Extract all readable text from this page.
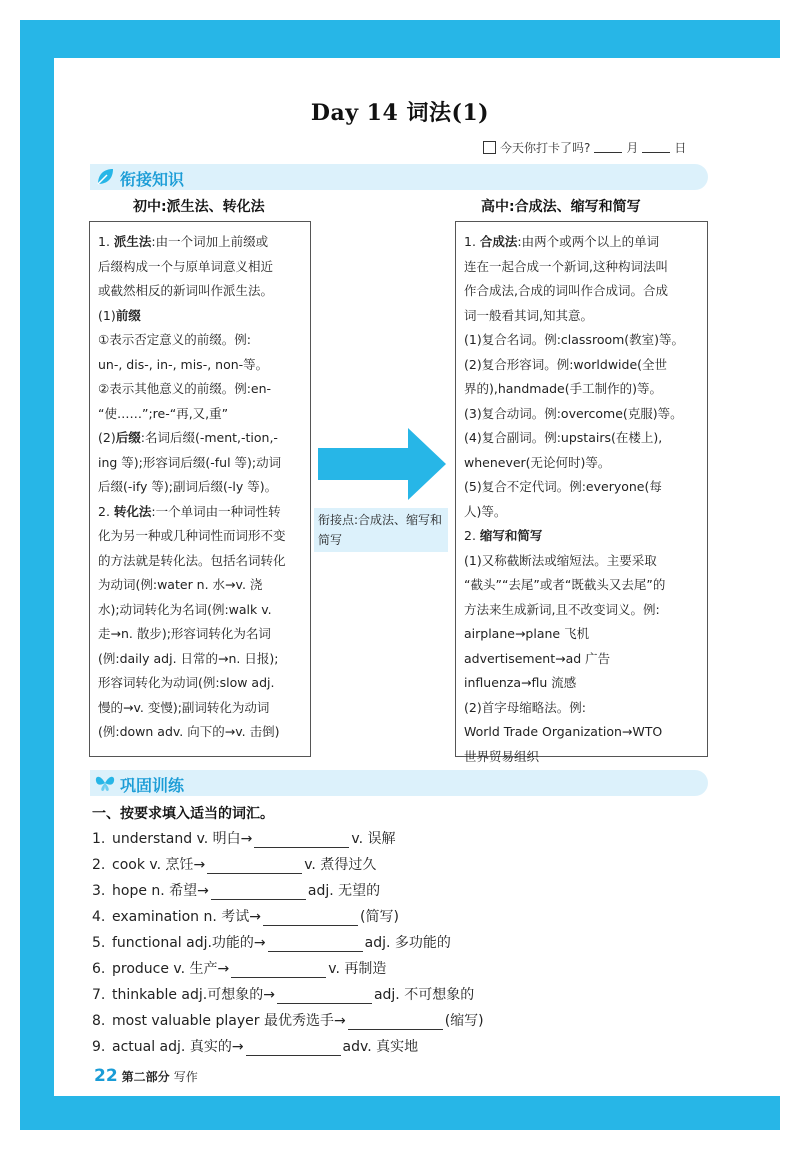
Day 14 词法(1)
今天你打卡了吗?	月	日
衔接知识
初中:派生法、转化法	高中:合成法、缩写和简写

1. 派生法:由一个词加上前缀或

后缀构成一个与原单词意义相近

或截然相反的新词叫作派生法。

(1)前缀

①表示否定意义的前缀。例:

un-, dis-, in-, mis-, non-等。

②表示其他意义的前缀。例:en-

“使……”;re-“再,又,重”

(2)后缀:名词后缀(-ment,-tion,-

ing 等);形容词后缀(-ful 等);动词

后缀(-ify 等);副词后缀(-ly 等)。

2. 转化法:一个单词由一种词性转

化为另一种或几种词性而词形不变

的方法就是转化法。包括名词转化

为动词(例:water n. 水→v. 浇

水);动词转化为名词(例:walk v.

走→n. 散步);形容词转化为名词

(例:daily adj. 日常的→n. 日报);

形容词转化为动词(例:slow adj.

慢的→v. 变慢);副词转化为动词

(例:down adv. 向下的→v. 击倒)

衔接点:合成法、缩写和简写

1. 合成法:由两个或两个以上的单词

连在一起合成一个新词,这种构词法叫

作合成法,合成的词叫作合成词。合成

词一般看其词,知其意。

(1)复合名词。例:classroom(教室)等。

(2)复合形容词。例:worldwide(全世

界的),handmade(手工制作的)等。

(3)复合动词。例:overcome(克服)等。

(4)复合副词。例:upstairs(在楼上),

whenever(无论何时)等。

(5)复合不定代词。例:everyone(每

人)等。

2. 缩写和简写

(1)又称截断法或缩短法。主要采取

“截头”“去尾”或者“既截头又去尾”的

方法来生成新词,且不改变词义。例:

airplane→plane 飞机

advertisement→ad 广告

influenza→flu 流感

(2)首字母缩略法。例:

World Trade Organization→WTO

世界贸易组织

巩固训练
一、按要求填入适当的词汇。
1. understand v. 明白→	v. 误解
2. cook v. 烹饪→	v. 煮得过久
3. hope n. 希望→	adj. 无望的
4. examination n. 考试→	(简写)
5. functional adj.功能的→	adj. 多功能的
6. produce v. 生产→	v. 再制造
7. thinkable adj.可想象的→	adj. 不可想象的
8. most valuable player 最优秀选手→	(缩写)
9. actual adj. 真实的→	adv. 真实地
22 第二部分 写作
